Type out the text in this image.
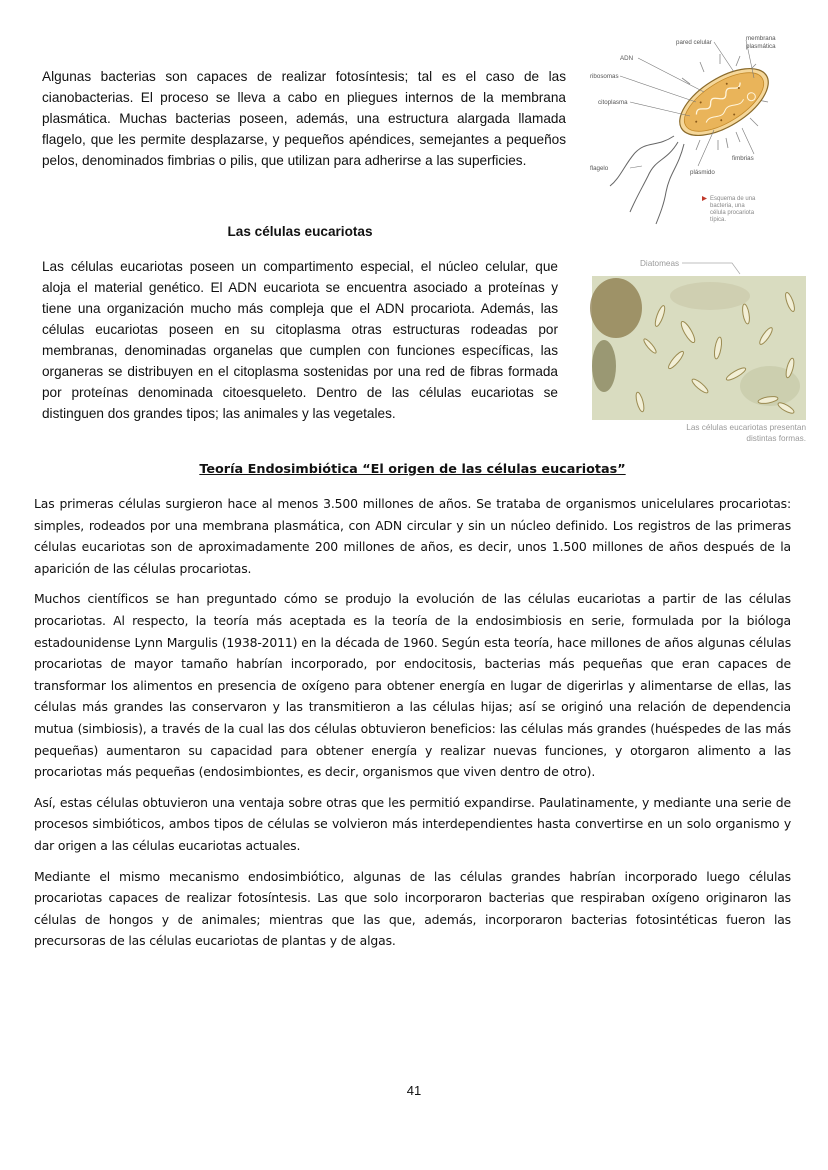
Algunas bacterias son capaces de realizar fotosíntesis; tal es el caso de las cianobacterias. El proceso se lleva a cabo en pliegues internos de la membrana plasmática. Muchas bacterias poseen, además, una estructura alargada llamada flagelo, que les permite desplazarse, y pequeños apéndices, semejantes a pequeños pelos, denominados fimbrias o pilis, que utilizan para adherirse a las superficies.
pared celular
membrana
plasmática
ADN
ribosomas
citoplasma
flagelo
plásmido
fimbrias
Esquema de una
bacteria, una
célula procariota
típica.
Las células eucariotas
Las células eucariotas poseen un compartimento especial, el núcleo celular, que aloja el material genético. El ADN eucariota se encuentra asociado a proteínas y tiene una organización mucho más compleja que el ADN procariota. Además, las células eucariotas poseen en su citoplasma otras estructuras rodeadas por membranas, denominadas organelas que cumplen con funciones específicas, las organeras se distribuyen en el citoplasma sostenidas por una red de fibras formada por proteínas denominada citoesqueleto. Dentro de las células eucariotas se distinguen dos grandes tipos; las animales y las vegetales.
Diatomeas
Las células eucariotas presentan
distintas formas.
Teoría Endosimbiótica “El origen de las células eucariotas”

Las primeras células surgieron hace al menos 3.500 millones de años. Se trataba de organismos unicelulares procariotas: simples, rodeados por una membrana plasmática, con ADN circular y sin un núcleo definido. Los registros de las primeras células eucariotas son de aproximadamente 200 millones de años, es decir, unos 1.500 millones de años después de la aparición de las células procariotas.

Muchos científicos se han preguntado cómo se produjo la evolución de las células eucariotas a partir de las células procariotas. Al respecto, la teoría más aceptada es la teoría de la endosimbiosis en serie, formulada por la bióloga estadounidense Lynn Margulis (1938-2011) en la década de 1960. Según esta teoría, hace millones de años algunas células procariotas de mayor tamaño habrían incorporado, por endocitosis, bacterias más pequeñas que eran capaces de transformar los alimentos en presencia de oxígeno para obtener energía en lugar de digerirlas y alimentarse de ellas, las células más grandes las conservaron y las transmitieron a las células hijas; así se originó una relación de dependencia mutua (simbiosis), a través de la cual las dos células obtuvieron beneficios: las células más grandes (huéspedes de las más pequeñas) aumentaron su capacidad para obtener energía y realizar nuevas funciones, y otorgaron alimento a las procariotas más pequeñas (endosimbiontes, es decir, organismos que viven dentro de otro).

Así, estas células obtuvieron una ventaja sobre otras que les permitió expandirse. Paulatinamente, y mediante una serie de procesos simbióticos, ambos tipos de células se volvieron más interdependientes hasta convertirse en un solo organismo y dar origen a las células eucariotas actuales.

Mediante el mismo mecanismo endosimbiótico, algunas de las células grandes habrían incorporado luego células procariotas capaces de realizar fotosíntesis. Las que solo incorporaron bacterias que respiraban oxígeno originaron las células de hongos y de animales; mientras que las que, además, incorporaron bacterias fotosintéticas fueron las precursoras de las células eucariotas de plantas y de algas.

41
